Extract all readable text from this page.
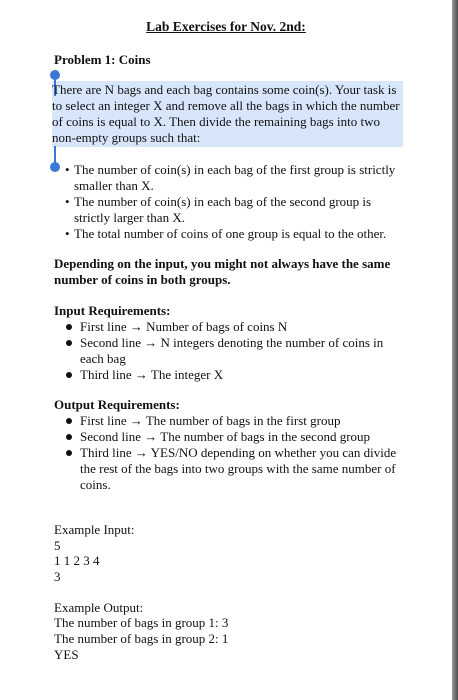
Lab Exercises for Nov. 2nd:
Problem 1: Coins
There are N bags and each bag contains some coin(s). Your task is to select an integer X and remove all the bags in which the number of coins is equal to X. Then divide the remaining bags into two non-empty groups such that:
• The number of coin(s) in each bag of the first group is strictly smaller than X.
• The number of coin(s) in each bag of the second group is strictly larger than X.
• The total number of coins of one group is equal to the other.
Depending on the input, you might not always have the same number of coins in both groups.
Input Requirements:
First line → Number of bags of coins N
Second line → N integers denoting the number of coins in each bag
Third line → The integer X
Output Requirements:
First line → The number of bags in the first group
Second line → The number of bags in the second group
Third line → YES/NO depending on whether you can divide the rest of the bags into two groups with the same number of coins.
Example Input:
5
1 1 2 3 4
3
Example Output:
The number of bags in group 1: 3
The number of bags in group 2: 1
YES
